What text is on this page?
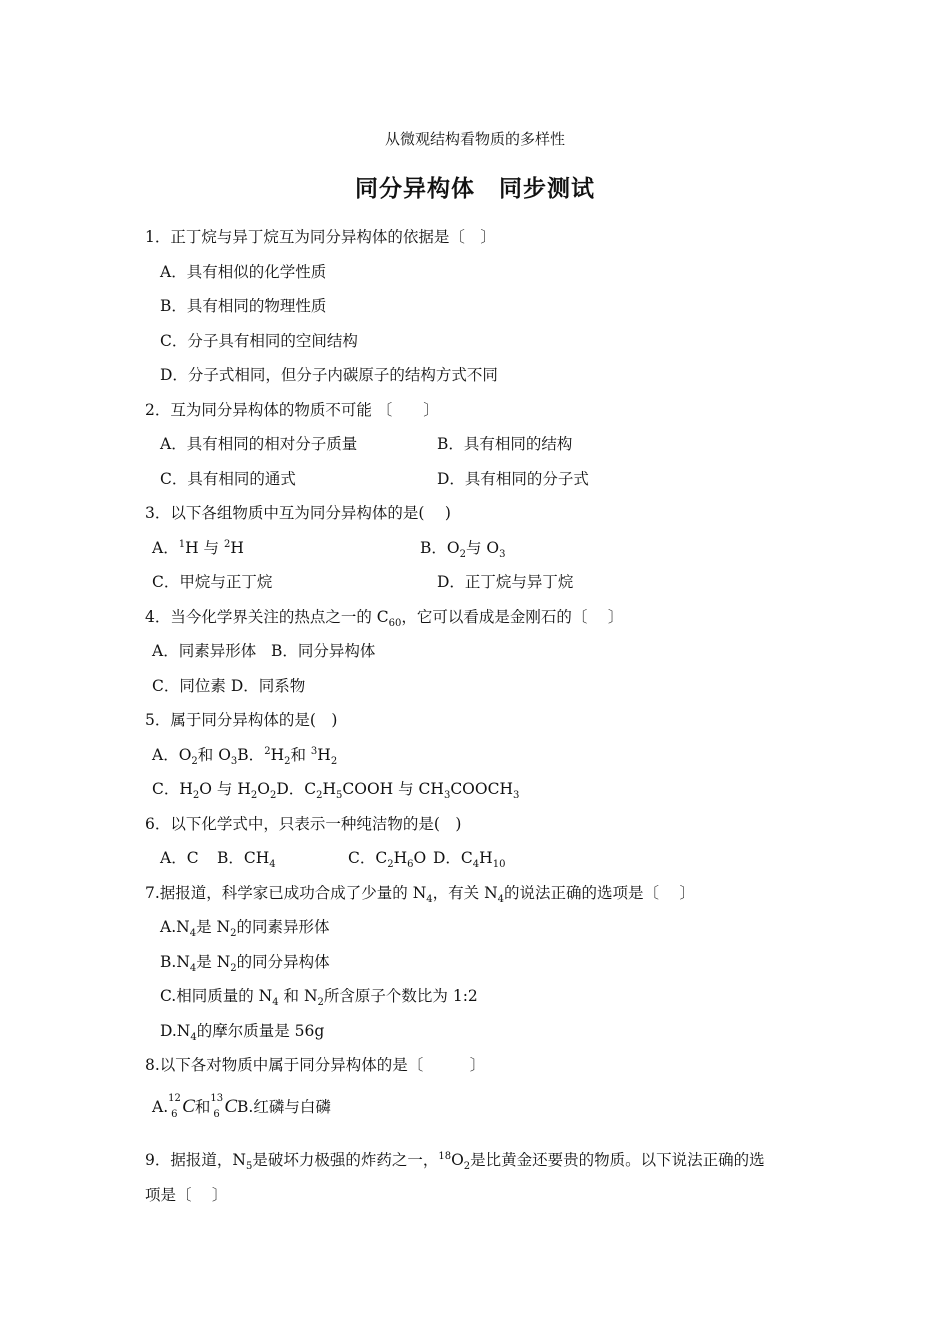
从微观结构看物质的多样性
同分异构体　同步测试
1．正丁烷与异丁烷互为同分异构体的依据是〔　〕
A．具有相似的化学性质
B．具有相同的物理性质
C．分子具有相同的空间结构
D．分子式相同，但分子内碳原子的结构方式不同
2．互为同分异构体的物质不可能 〔　　〕
A．具有相同的相对分子质量	B．具有相同的结构
C．具有相同的通式	D．具有相同的分子式
3．以下各组物质中互为同分异构体的是(　 )
A．$^1$H 与 $^2$H	B．$O_2$与 $O_3$
C．甲烷与正丁烷	D．正丁烷与异丁烷
4．当今化学界关注的热点之一的 $C_{60}$，它可以看成是金刚石的〔　 〕
A．同素异形体 B．同分异构体
C．同位素 D．同系物
5．属于同分异构体的是(　)
A．$O_2$和 $O_3B$．$^2H_2$和 $^3H_2$
C．$H_2O$ 与 $H_2O_2D$．$C_2H_5COOH$ 与 $CH_3COOCH_3$
6．以下化学式中，只表示一种纯洁物的是(　)
A．C B．$CH_4$	C．$C_2H_6O$ D．$C_4H_{10}$
7.据报道，科学家已成功合成了少量的 $N_4$，有关 $N_4$的说法正确的选项是〔　 〕
$A.N_4$是 $N_2$的同素异形体
$B.N_4$是 $N_2$的同分异构体
C.相同质量的 $N_4$ 和 $N_2$所含原子个数比为 1:2
$D.N_4$的摩尔质量是 56g
8.以下各对物质中属于同分异构体的是〔　　　〕
A. 12
6 C和 13
6 CB.红磷与白磷
9．据报道，$N_5$是破坏力极强的炸药之一，$^{18}O_2$是比黄金还要贵的物质。以下说法正确的选
项是〔　 〕
